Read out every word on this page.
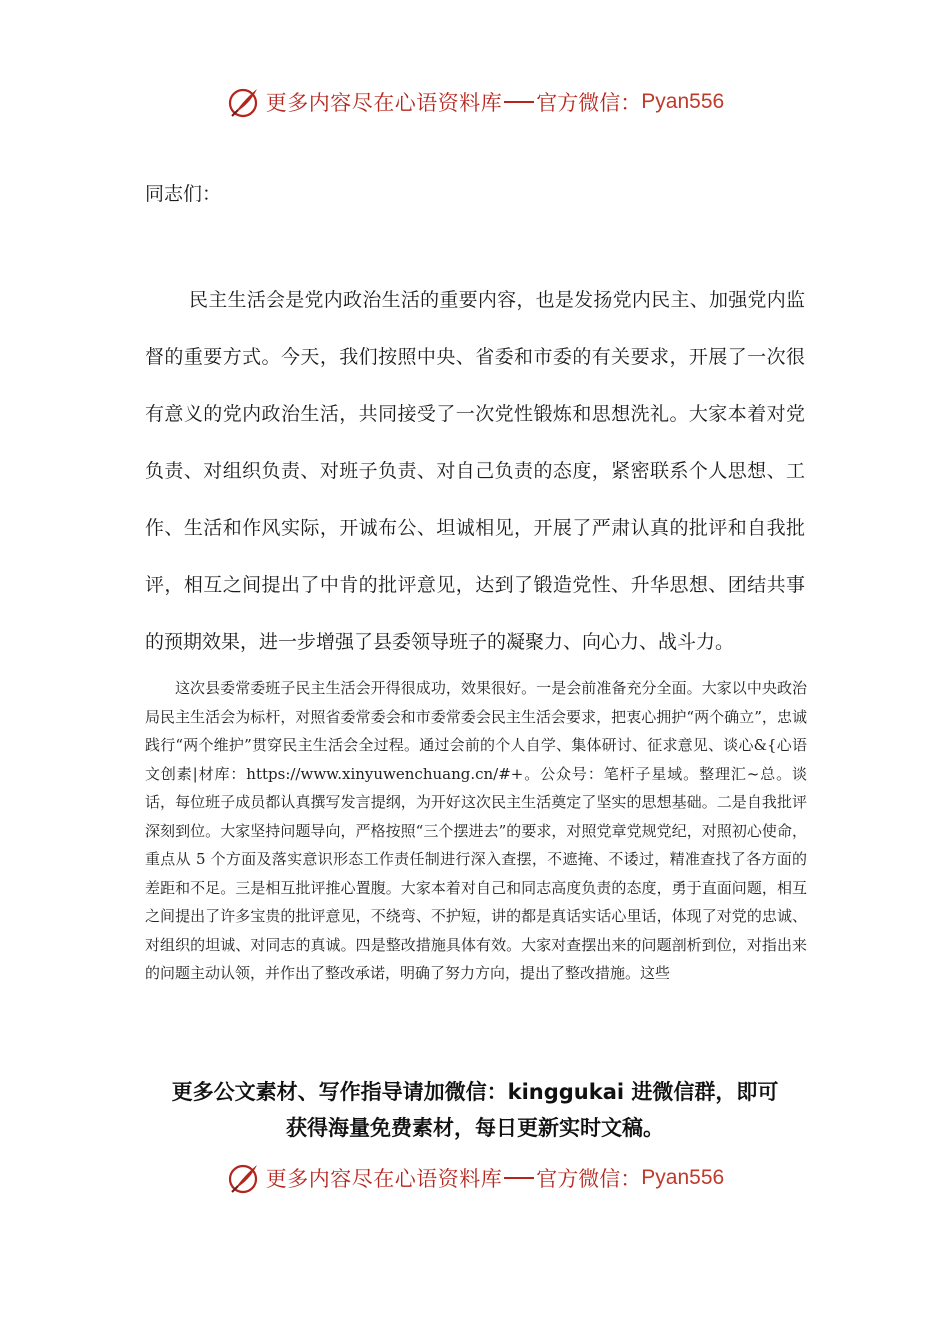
更多内容尽在心语资料库 官方微信： Pyan556

同志们：

民主生活会是党内政治生活的重要内容，也是发扬党内民主、加强党内监督的重要方式。今天，我们按照中央、省委和市委的有关要求，开展了一次很有意义的党内政治生活，共同接受了一次党性锻炼和思想洗礼。大家本着对党负责、对组织负责、对班子负责、对自己负责的态度，紧密联系个人思想、工作、生活和作风实际，开诚布公、坦诚相见，开展了严肃认真的批评和自我批评，相互之间提出了中肯的批评意见，达到了锻造党性、升华思想、团结共事的预期效果，进一步增强了县委领导班子的凝聚力、向心力、战斗力。

这次县委常委班子民主生活会开得很成功，效果很好。一是会前准备充分全面。大家以中央政治局民主生活会为标杆，对照省委常委会和市委常委会民主生活会要求，把衷心拥护“两个确立”，忠诚践行“两个维护”贯穿民主生活会全过程。通过会前的个人自学、集体研讨、征求意见、谈心&{心语文创素|材库：https://www.xinyuwenchuang.cn/#+。公众号：笔杆子星域。整理汇~总。谈话，每位班子成员都认真撰写发言提纲，为开好这次民主生活奠定了坚实的思想基础。二是自我批评深刻到位。大家坚持问题导向，严格按照“三个摆进去”的要求，对照党章党规党纪，对照初心使命，重点从 5 个方面及落实意识形态工作责任制进行深入查摆，不遮掩、不诿过，精准查找了各方面的差距和不足。三是相互批评推心置腹。大家本着对自己和同志高度负责的态度，勇于直面问题，相互之间提出了许多宝贵的批评意见，不绕弯、不护短，讲的都是真话实话心里话，体现了对党的忠诚、对组织的坦诚、对同志的真诚。四是整改措施具体有效。大家对查摆出来的问题剖析到位，对指出来的问题主动认领，并作出了整改承诺，明确了努力方向，提出了整改措施。这些

更多公文素材、写作指导请加微信：kinggukai 进微信群，即可
获得海量免费素材，每日更新实时文稿。
更多内容尽在心语资料库 官方微信： Pyan556
